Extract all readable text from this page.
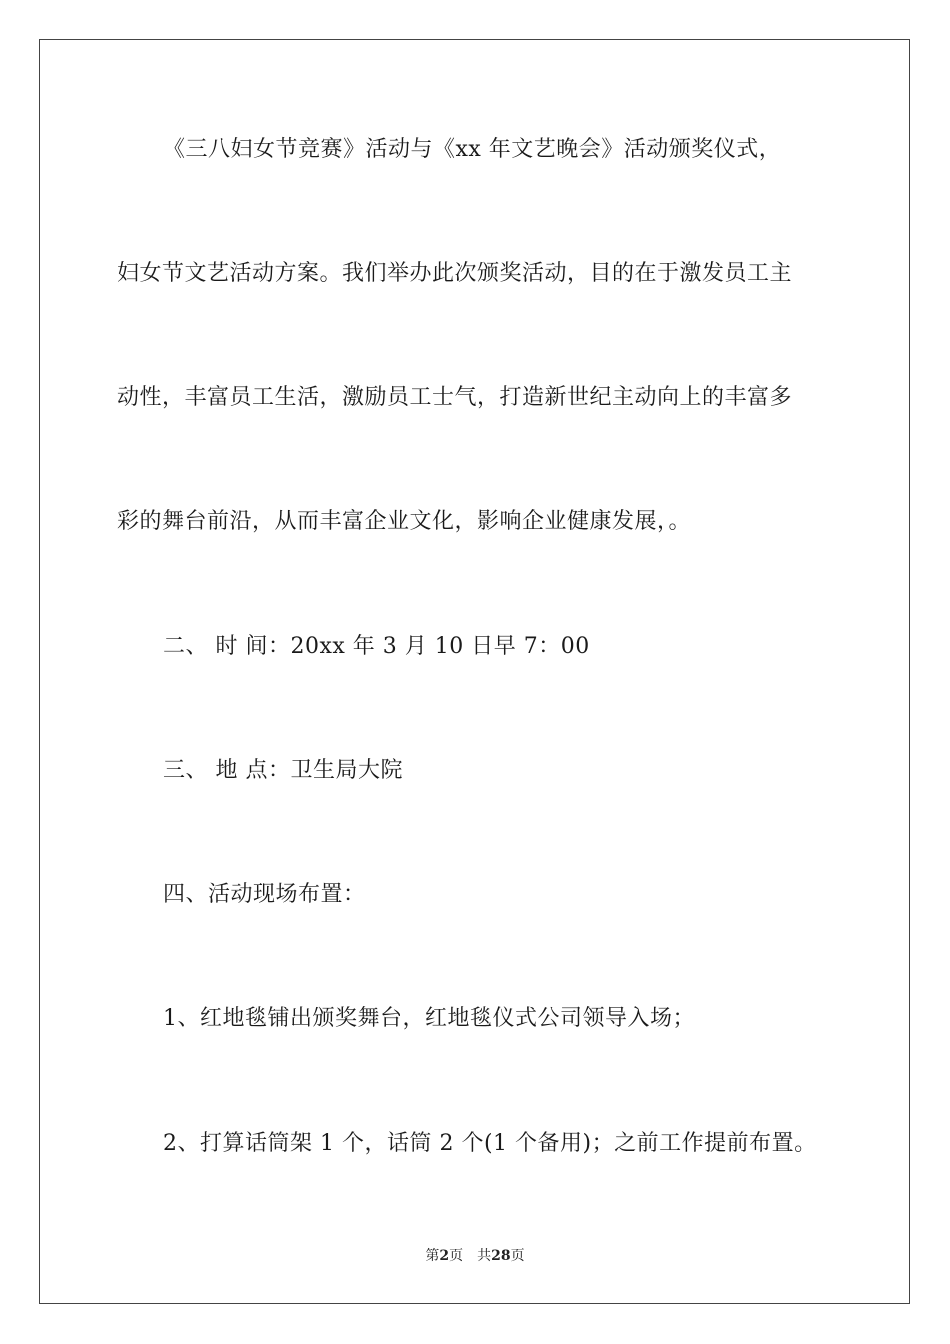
《三八妇女节竞赛》活动与《xx 年文艺晚会》活动颁奖仪式，
妇女节文艺活动方案。我们举办此次颁奖活动，目的在于激发员工主
动性，丰富员工生活，激励员工士气，打造新世纪主动向上的丰富多
彩的舞台前沿，从而丰富企业文化，影响企业健康发展，。
二、 时 间：20xx 年 3 月 10 日早 7：00
三、 地 点：卫生局大院
四、活动现场布置：
1、红地毯铺出颁奖舞台，红地毯仪式公司领导入场；
2、打算话筒架 1 个，话筒 2 个(1 个备用)；之前工作提前布置。
第2页 共28页
